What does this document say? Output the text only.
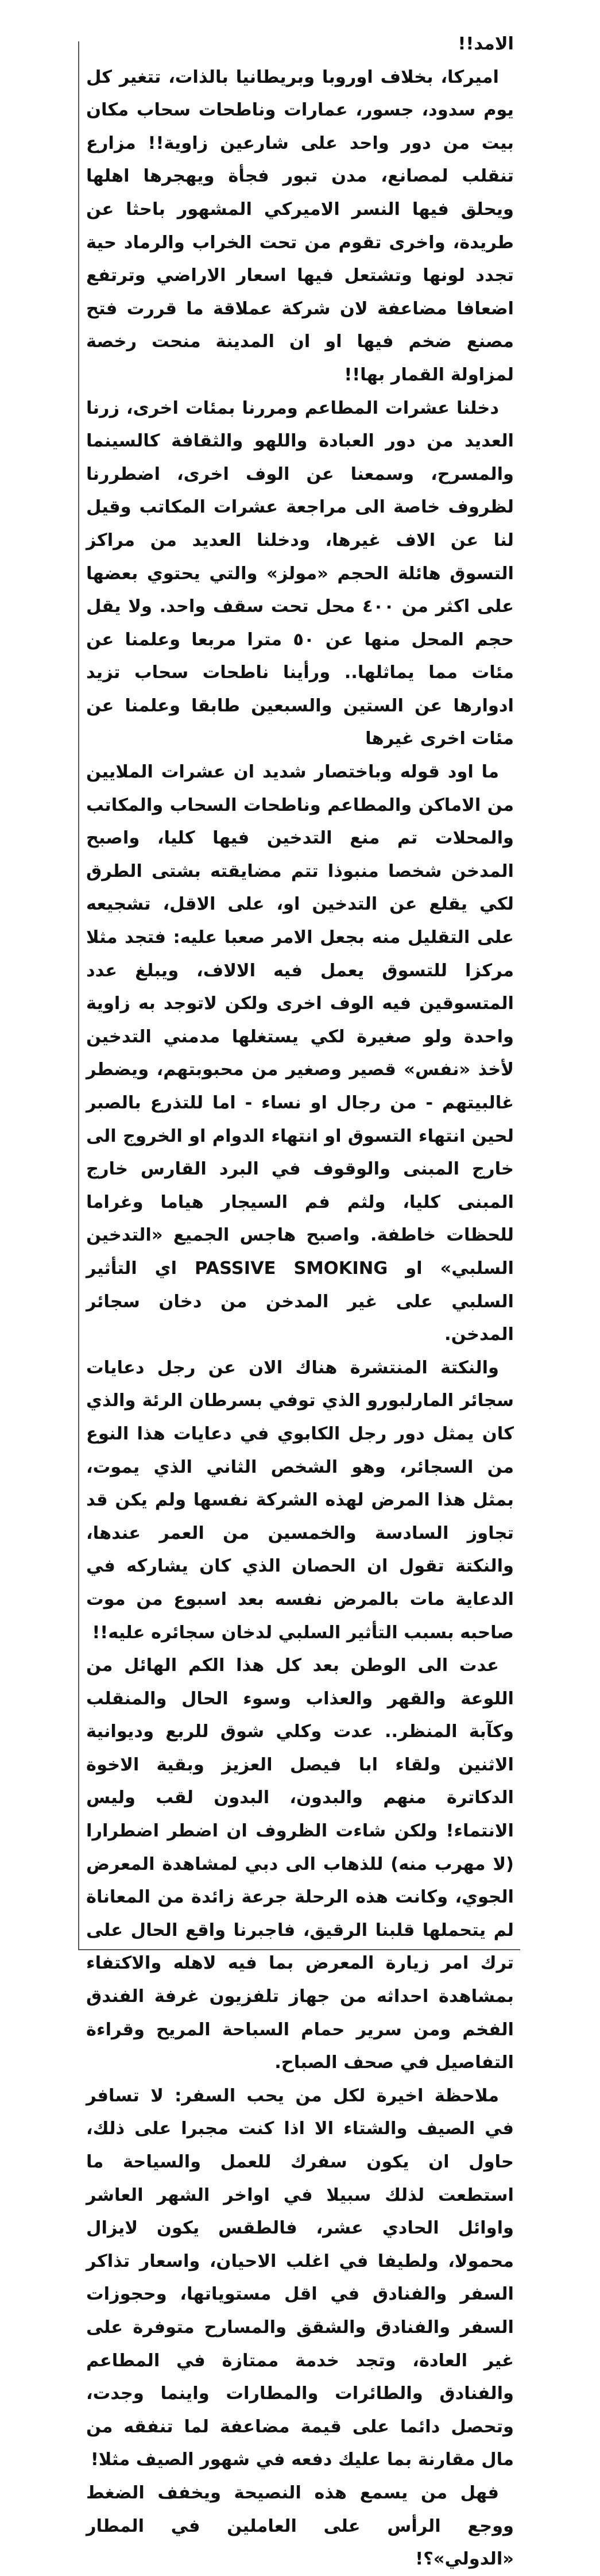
الامد!!

اميركا، بخلاف اوروبا وبريطانيا بالذات، تتغير كل يوم سدود، جسور، عمارات وناطحات سحاب مكان بيت من دور واحد على شارعين زاوية!! مزارع تنقلب لمصانع، مدن تبور فجأة ويهجرها اهلها ويحلق فيها النسر الاميركي المشهور باحثا عن طريدة، واخرى تقوم من تحت الخراب والرماد حية تجدد لونها وتشتعل فيها اسعار الاراضي وترتفع اضعافا مضاعفة لان شركة عملاقة ما قررت فتح مصنع ضخم فيها او ان المدينة منحت رخصة لمزاولة القمار بها!!

دخلنا عشرات المطاعم ومررنا بمئات اخرى، زرنا العديد من دور العبادة واللهو والثقافة كالسينما والمسرح، وسمعنا عن الوف اخرى، اضطررنا لظروف خاصة الى مراجعة عشرات المكاتب وقيل لنا عن الاف غيرها، ودخلنا العديد من مراكز التسوق هائلة الحجم «مولز» والتي يحتوي بعضها على اكثر من ٤٠٠ محل تحت سقف واحد. ولا يقل حجم المحل منها عن ٥٠ مترا مربعا وعلمنا عن مئات مما يماثلها.. ورأينا ناطحات سحاب تزيد ادوارها عن الستين والسبعين طابقا وعلمنا عن مئات اخرى غيرها

ما اود قوله وباختصار شديد ان عشرات الملايين من الاماكن والمطاعم وناطحات السحاب والمكاتب والمحلات تم منع التدخين فيها كليا، واصبح المدخن شخصا منبوذا تتم مضايقته بشتى الطرق لكي يقلع عن التدخين او، على الاقل، تشجيعه على التقليل منه بجعل الامر صعبا عليه: فتجد مثلا مركزا للتسوق يعمل فيه الالاف، ويبلغ عدد المتسوقين فيه الوف اخرى ولكن لاتوجد به زاوية واحدة ولو صغيرة لكي يستغلها مدمني التدخين لأخذ «نفس» قصير وصغير من محبوبتهم، ويضطر غالبيتهم - من رجال او نساء - اما للتذرع بالصبر لحين انتهاء التسوق او انتهاء الدوام او الخروج الى خارج المبنى والوقوف في البرد القارس خارج المبنى كليا، ولثم فم السيجار هياما وغراما للحظات خاطفة. واصبح هاجس الجميع «التدخين السلبي» او PASSIVE SMOKING اي التأثير السلبي على غير المدخن من دخان سجائر المدخن.

والنكتة المنتشرة هناك الان عن رجل دعايات سجائر المارلبورو الذي توفي بسرطان الرئة والذي كان يمثل دور رجل الكابوي في دعايات هذا النوع من السجائر، وهو الشخص الثاني الذي يموت، بمثل هذا المرض لهذه الشركة نفسها ولم يكن قد تجاوز السادسة والخمسين من العمر عندها، والنكتة تقول ان الحصان الذي كان يشاركه في الدعاية مات بالمرض نفسه بعد اسبوع من موت صاحبه بسبب التأثير السلبي لدخان سجائره عليه!!

عدت الى الوطن بعد كل هذا الكم الهائل من اللوعة والقهر والعذاب وسوء الحال والمنقلب وكآبة المنظر.. عدت وكلي شوق للربع وديوانية الاثنين ولقاء ابا فيصل العزيز وبقية الاخوة الدكاترة منهم والبدون، البدون لقب وليس الانتماء! ولكن شاءت الظروف ان اضطر اضطرارا (لا مهرب منه) للذهاب الى دبي لمشاهدة المعرض الجوي، وكانت هذه الرحلة جرعة زائدة من المعاناة لم يتحملها قلبنا الرقيق، فاجبرنا واقع الحال على ترك امر زيارة المعرض بما فيه لاهله والاكتفاء بمشاهدة احداثه من جهاز تلفزيون غرفة الفندق الفخم ومن سرير حمام السباحة المريح وقراءة التفاصيل في صحف الصباح.

ملاحظة اخيرة لكل من يحب السفر: لا تسافر في الصيف والشتاء الا اذا كنت مجبرا على ذلك، حاول ان يكون سفرك للعمل والسياحة ما استطعت لذلك سبيلا في اواخر الشهر العاشر واوائل الحادي عشر، فالطقس يكون لايزال محمولا، ولطيفا في اغلب الاحيان، واسعار تذاكر السفر والفنادق في اقل مستوياتها، وحجوزات السفر والفنادق والشقق والمسارح متوفرة على غير العادة، وتجد خدمة ممتازة في المطاعم والفنادق والطائرات والمطارات واينما وجدت، وتحصل دائما على قيمة مضاعفة لما تنفقه من مال مقارنة بما عليك دفعه في شهور الصيف مثلا!

فهل من يسمع هذه النصيحة ويخفف الضغط ووجع الرأس على العاملين في المطار «الدولي»؟!
